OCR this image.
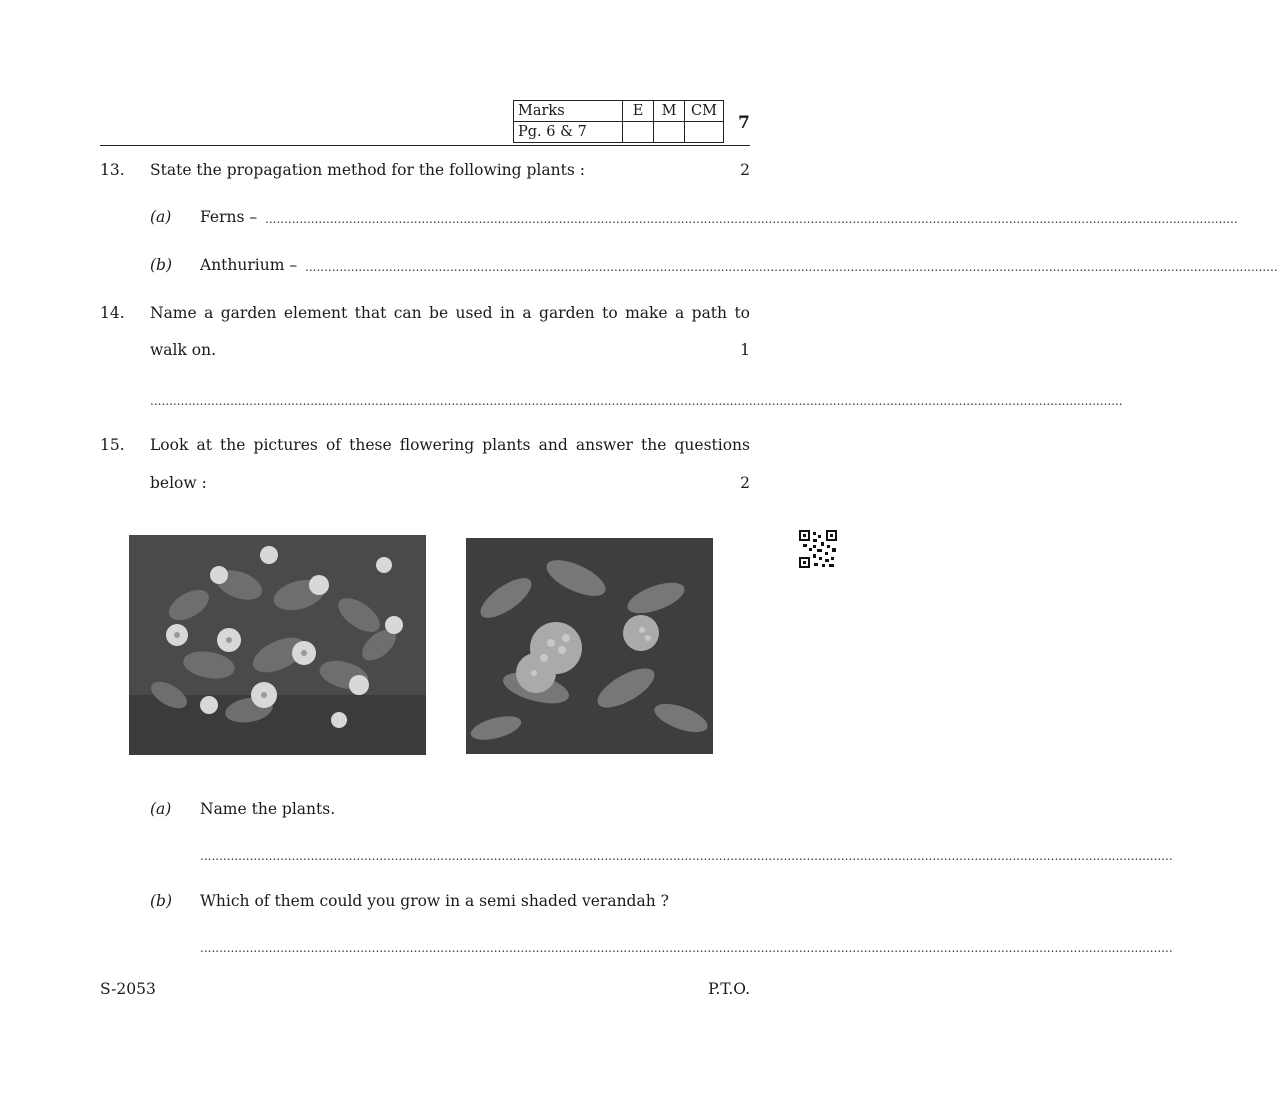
Marks	E	M	CM
Pg. 6 & 7				7
13. State the propagation method for the following plants :	2
(a) Ferns – ...............................................................................................................................................................................................................................................................
(b) Anthurium – ...............................................................................................................................................................................................................................................................
14. Name a garden element that can be used in a garden to make a path to
walk on.	1
...............................................................................................................................................................................................................................................................
15. Look at the pictures of these flowering plants and answer the questions
below :	2
(a) Name the plants.
...............................................................................................................................................................................................................................................................
(b) Which of them could you grow in a semi shaded verandah ?
...............................................................................................................................................................................................................................................................
S-2053	P.T.O.
